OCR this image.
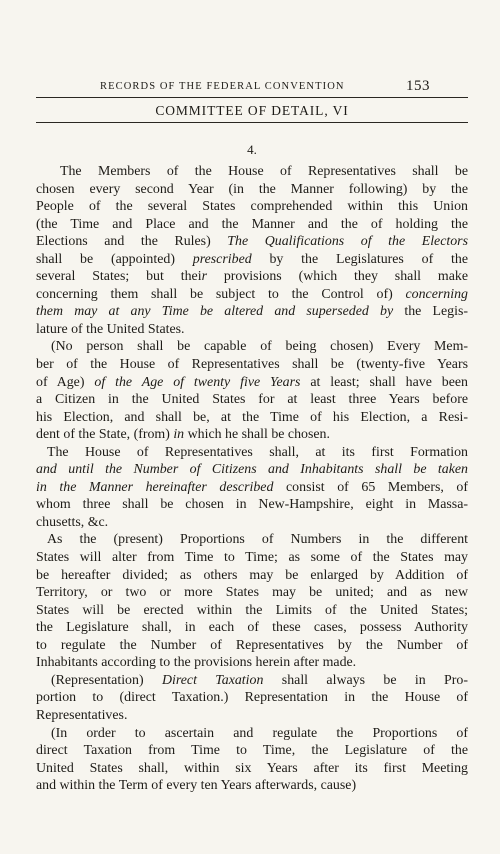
RECORDS OF THE FEDERAL CONVENTION	153
COMMITTEE OF DETAIL, VI
4.
The Members of the House of Representatives shall be
chosen every second Year (in the Manner following) by the
People of the several States comprehended within this Union
(the Time and Place and the Manner and the of holding the
Elections and the Rules) The Qualifications of the Electors
shall be (appointed) prescribed by the Legislatures of the
several States; but their provisions (which they shall make
concerning them shall be subject to the Control of) concerning
them may at any Time be altered and superseded by the Legis-
lature of the United States.
(No person shall be capable of being chosen) Every Mem-
ber of the House of Representatives shall be (twenty-five Years
of Age) of the Age of twenty five Years at least; shall have been
a Citizen in the United States for at least three Years before
his Election, and shall be, at the Time of his Election, a Resi-
dent of the State, (from) in which he shall be chosen.
The House of Representatives shall, at its first Formation
and until the Number of Citizens and Inhabitants shall be taken
in the Manner hereinafter described consist of 65 Members, of
whom three shall be chosen in New-Hampshire, eight in Massa-
chusetts, &c.
As the (present) Proportions of Numbers in the different
States will alter from Time to Time; as some of the States may
be hereafter divided; as others may be enlarged by Addition of
Territory, or two or more States may be united; and as new
States will be erected within the Limits of the United States;
the Legislature shall, in each of these cases, possess Authority
to regulate the Number of Representatives by the Number of
Inhabitants according to the provisions herein after made.
(Representation) Direct Taxation shall always be in Pro-
portion to (direct Taxation.) Representation in the House of
Representatives.
(In order to ascertain and regulate the Proportions of
direct Taxation from Time to Time, the Legislature of the
United States shall, within six Years after its first Meeting
and within the Term of every ten Years afterwards, cause)
